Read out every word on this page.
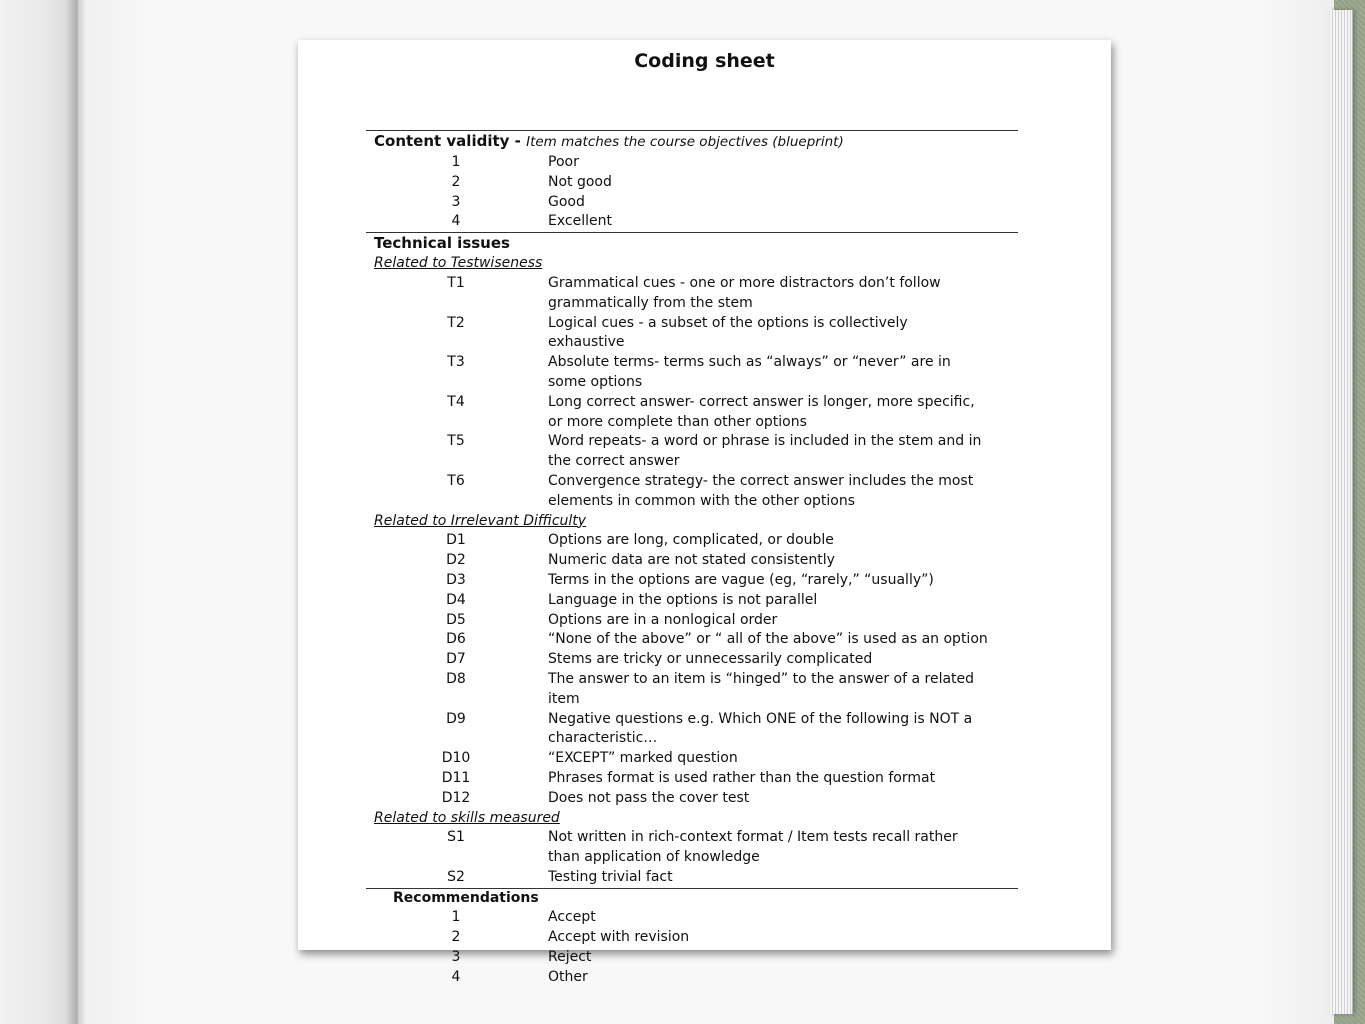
Coding sheet
Content validity - Item matches the course objectives (blueprint)
1	Poor
2	Not good
3	Good
4	Excellent
Technical issues
Related to Testwiseness
T1	Grammatical cues - one or more distractors don’t follow grammatically from the stem
T2	Logical cues - a subset of the options is collectively exhaustive
T3	Absolute terms- terms such as “always” or “never” are in some options
T4	Long correct answer- correct answer is longer, more specific, or more complete than other options
T5	Word repeats- a word or phrase is included in the stem and in the correct answer
T6	Convergence strategy- the correct answer includes the most elements in common with the other options
Related to Irrelevant Difficulty
D1	Options are long, complicated, or double
D2	Numeric data are not stated consistently
D3	Terms in the options are vague (eg, “rarely,” “usually”)
D4	Language in the options is not parallel
D5	Options are in a nonlogical order
D6	“None of the above” or “ all of the above” is used as an option
D7	Stems are tricky or unnecessarily complicated
D8	The answer to an item is “hinged” to the answer of a related item
D9	Negative questions e.g. Which ONE of the following is NOT a characteristic…
D10	“EXCEPT” marked question
D11	Phrases format is used rather than the question format
D12	Does not pass the cover test
Related to skills measured
S1	Not written in rich-context format / Item tests recall rather than application of knowledge
S2	Testing trivial fact
Recommendations
1	Accept
2	Accept with revision
3	Reject
4	Other
